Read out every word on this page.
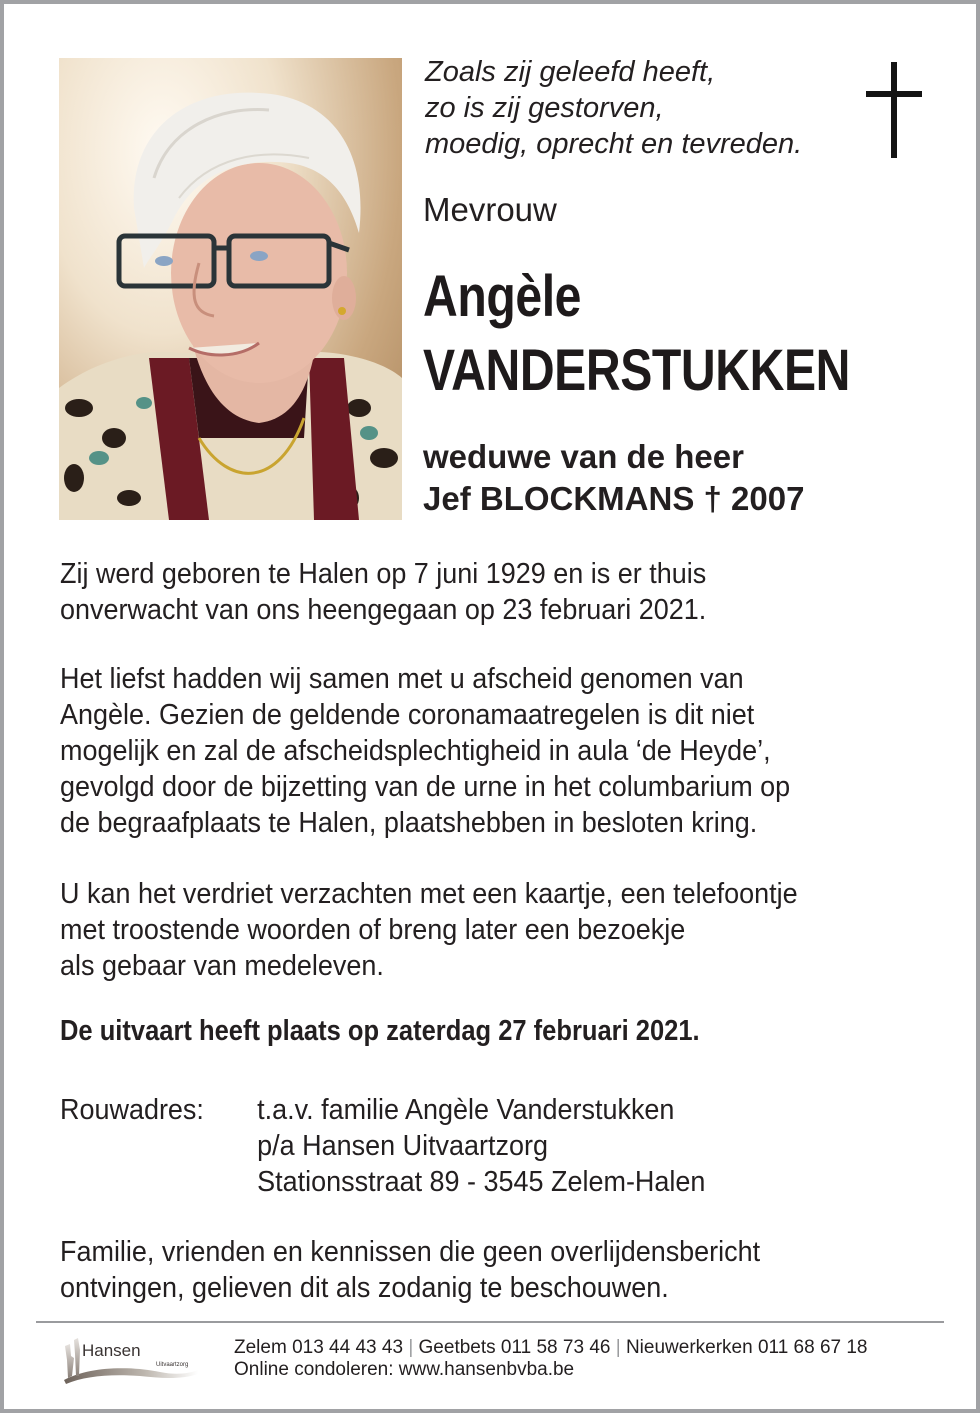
Zoals zij geleefd heeft,
zo is zij gestorven,
moedig, oprecht en tevreden.
Mevrouw
Angèle
VANDERSTUKKEN
weduwe van de heer
Jef BLOCKMANS † 2007
Zij werd geboren te Halen op 7 juni 1929 en is er thuis
onverwacht van ons heengegaan op 23 februari 2021.
Het liefst hadden wij samen met u afscheid genomen van
Angèle. Gezien de geldende coronamaatregelen is dit niet
mogelijk en zal de afscheidsplechtigheid in aula ‘de Heyde’,
gevolgd door de bijzetting van de urne in het columbarium op
de begraafplaats te Halen, plaatshebben in besloten kring.
U kan het verdriet verzachten met een kaartje, een telefoontje
met troostende woorden of breng later een bezoekje
als gebaar van medeleven.
De uitvaart heeft plaats op zaterdag 27 februari 2021.
Rouwadres: t.a.v. familie Angèle Vanderstukken
p/a Hansen Uitvaartzorg
Stationsstraat 89 - 3545 Zelem-Halen
Familie, vrienden en kennissen die geen overlijdensbericht
ontvingen, gelieven dit als zodanig te beschouwen.
Hansen
Uitvaartzorg
Zelem 013 44 43 43 | Geetbets 011 58 73 46 | Nieuwerkerken 011 68 67 18
Online condoleren: www.hansenbvba.be
